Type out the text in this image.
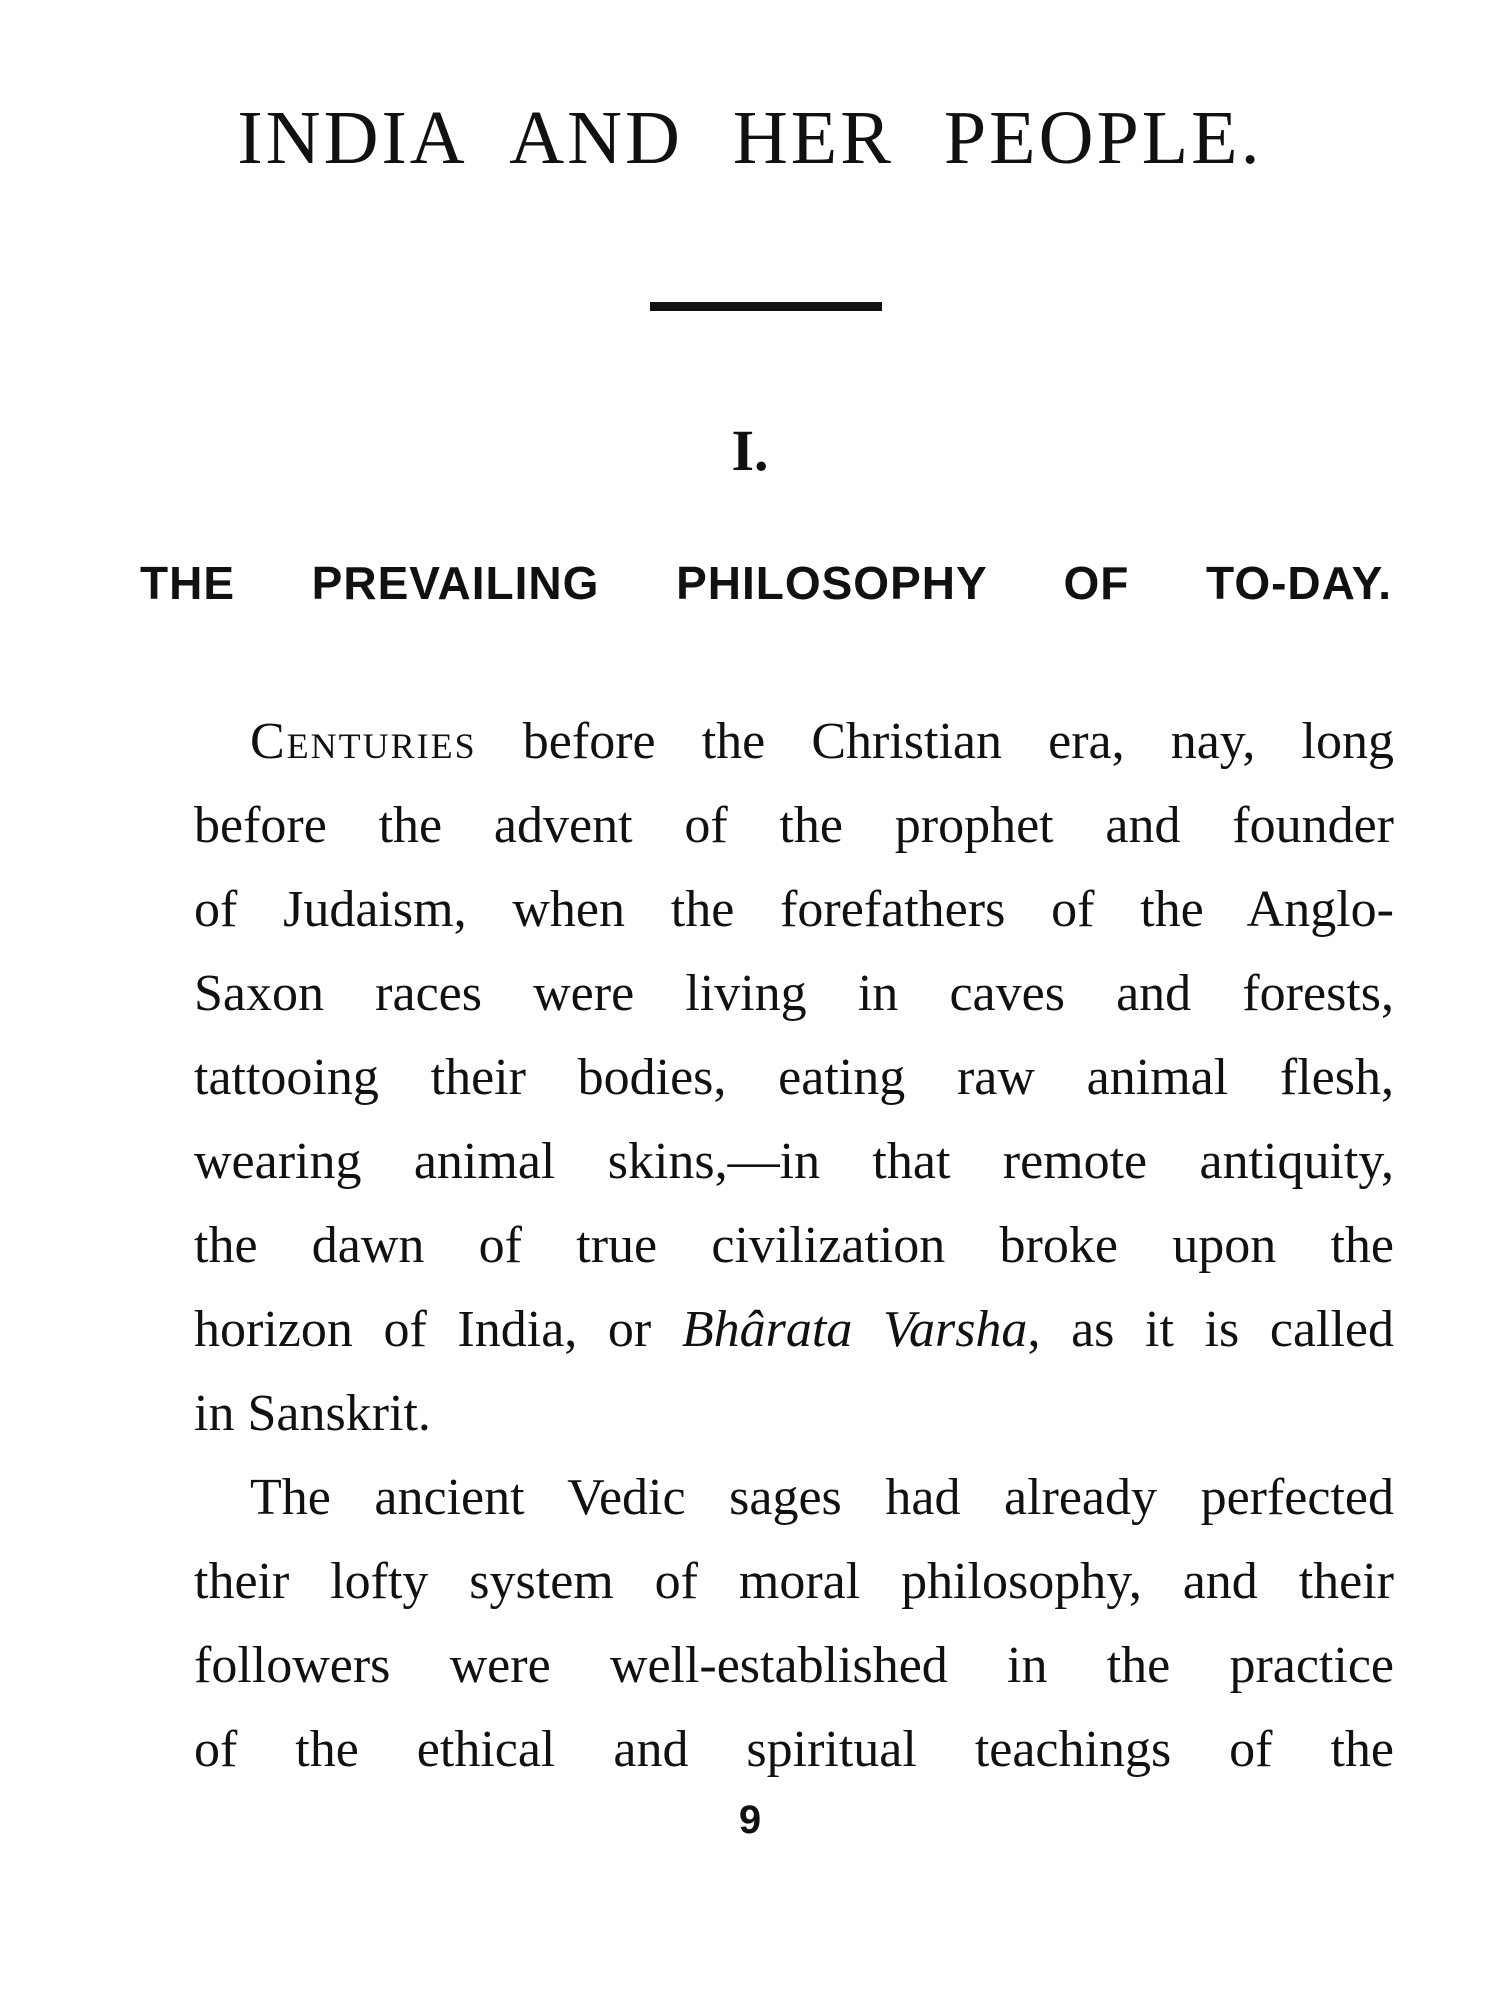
INDIA AND HER PEOPLE.
I.
THE PREVAILING PHILOSOPHY OF TO-DAY.
Centuries before the Christian era, nay, long
before the advent of the prophet and founder
of Judaism, when the forefathers of the Anglo-
Saxon races were living in caves and forests,
tattooing their bodies, eating raw animal flesh,
wearing animal skins,—in that remote antiquity,
the dawn of true civilization broke upon the
horizon of India, or Bhârata Varsha, as it is called
in Sanskrit.
The ancient Vedic sages had already perfected
their lofty system of moral philosophy, and their
followers were well-established in the practice
of the ethical and spiritual teachings of the
9
